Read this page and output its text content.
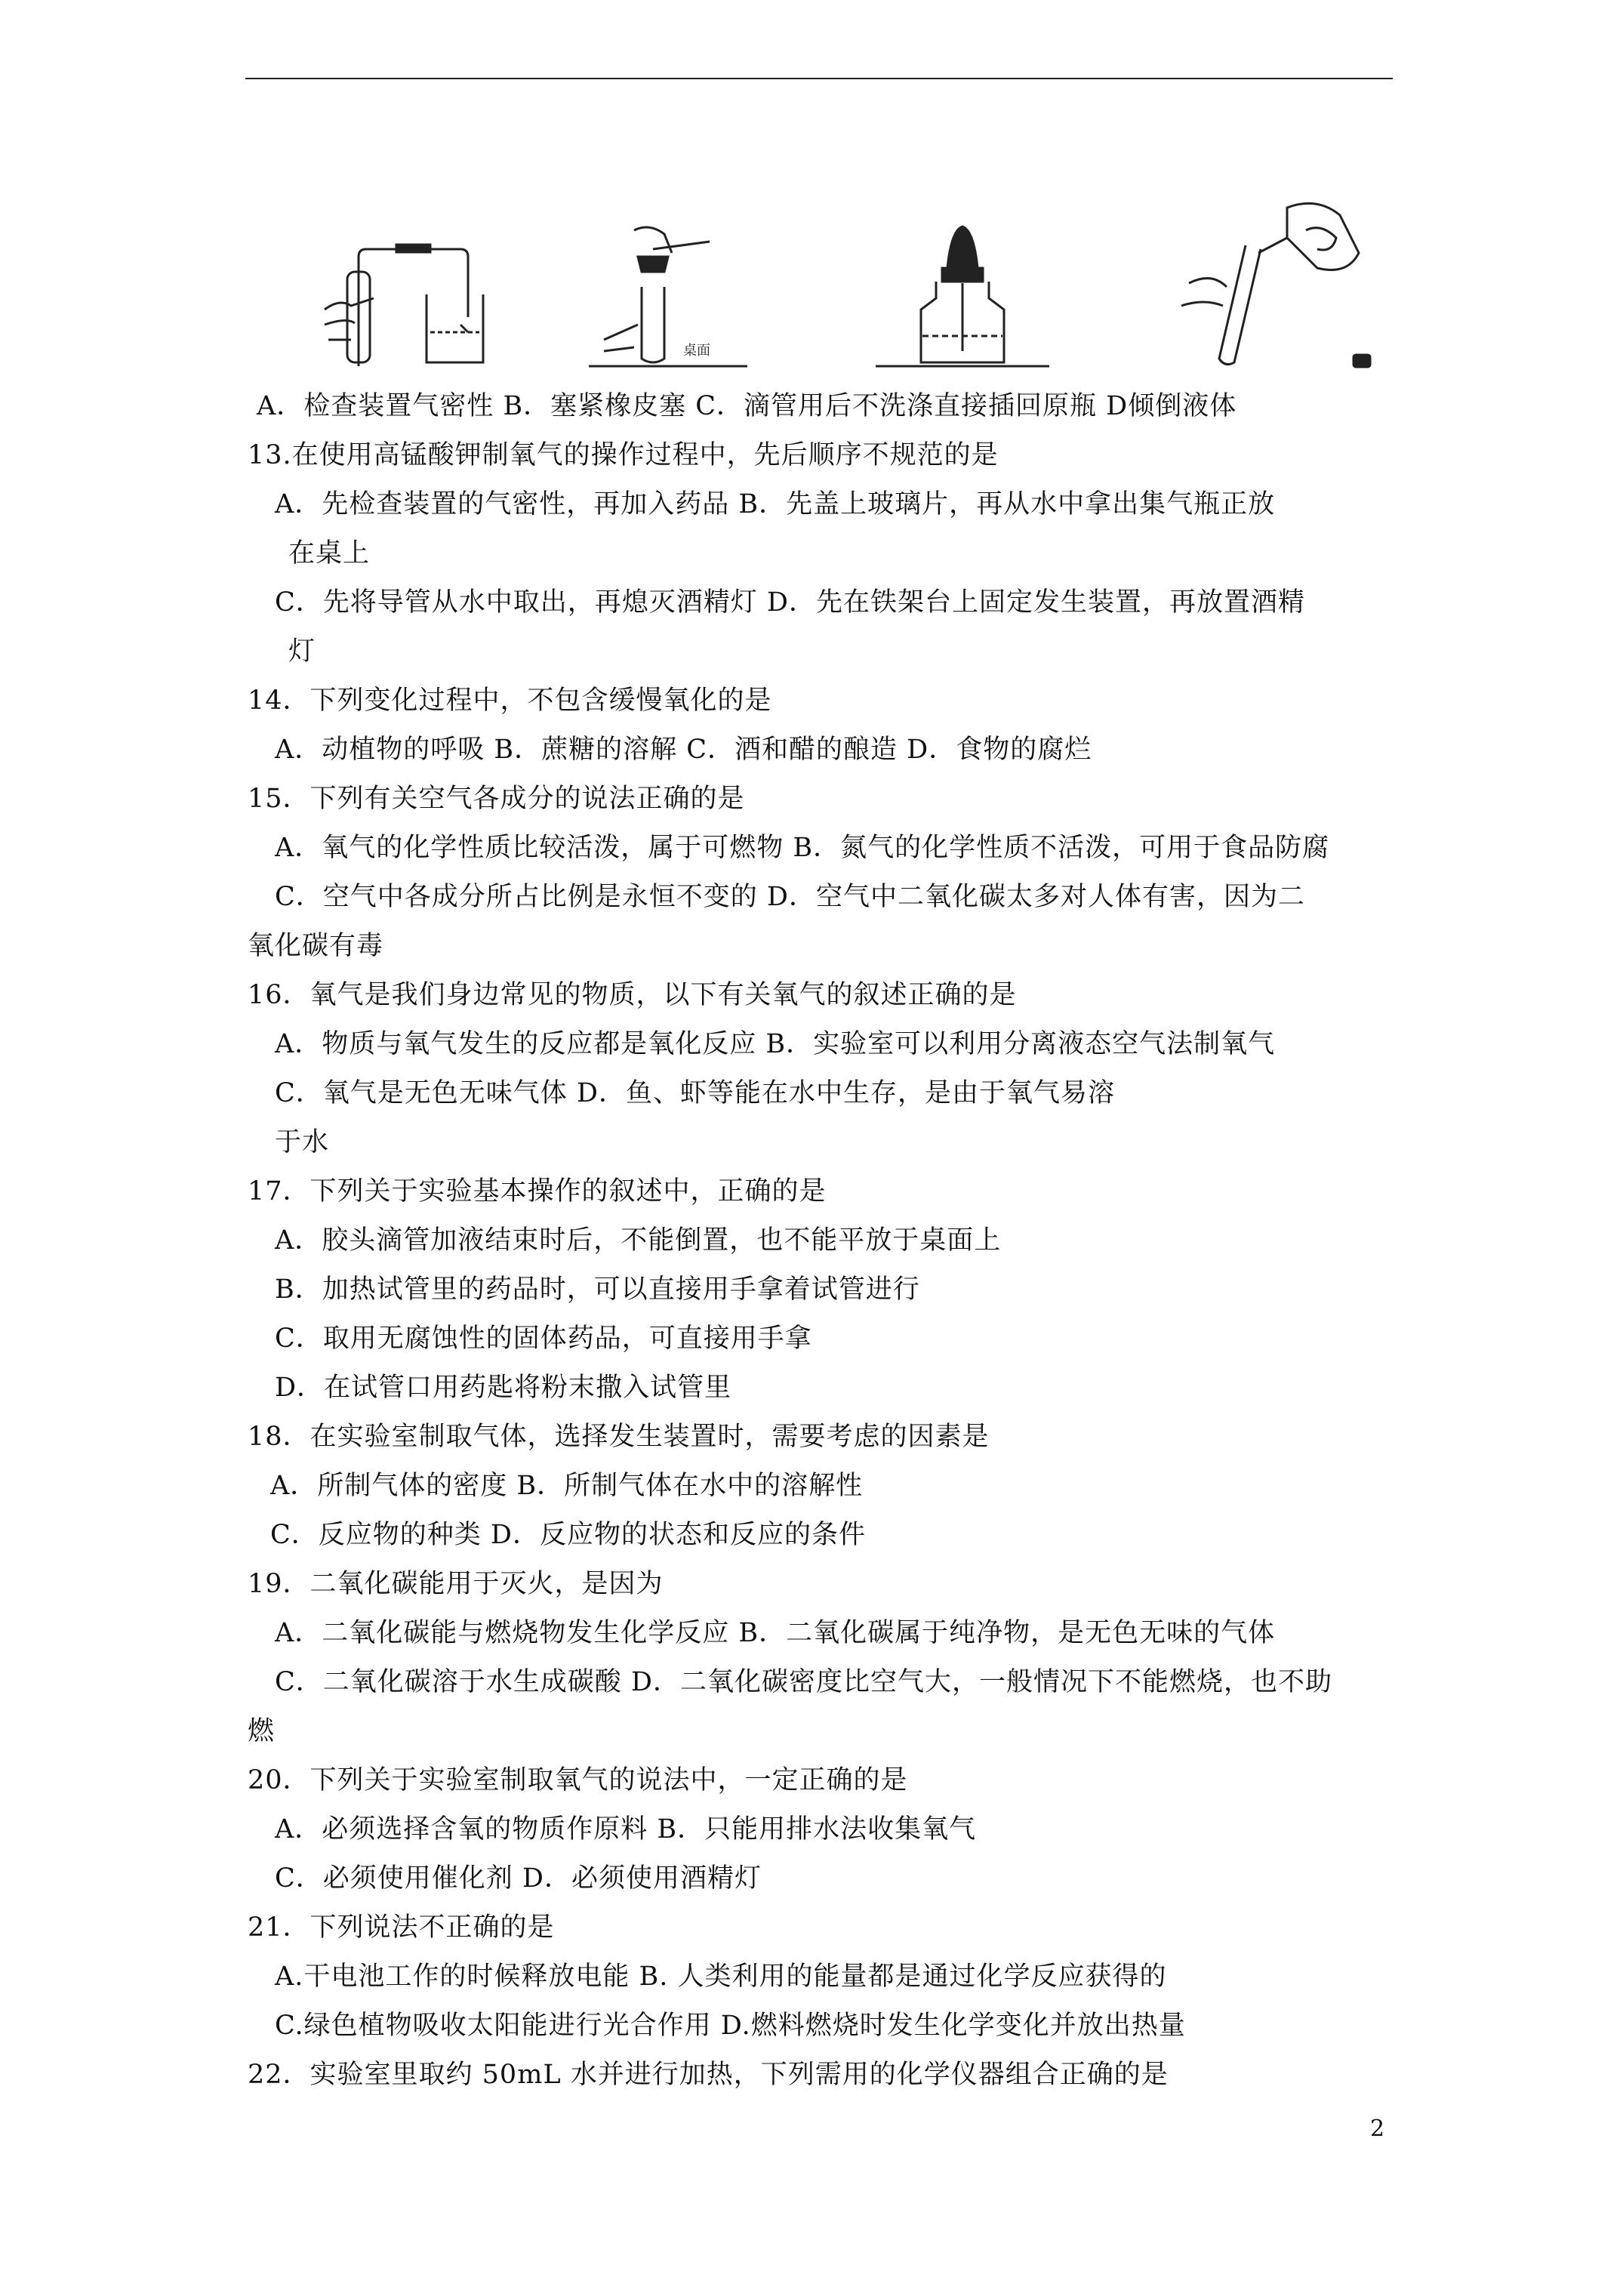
桌面
A．检查装置气密性 B．塞紧橡皮塞 C．滴管用后不洗涤直接插回原瓶 D倾倒液体
13.在使用高锰酸钾制氧气的操作过程中，先后顺序不规范的是
A．先检查装置的气密性，再加入药品 B．先盖上玻璃片，再从水中拿出集气瓶正放
在桌上
C．先将导管从水中取出，再熄灭酒精灯 D．先在铁架台上固定发生装置，再放置酒精
灯
14．下列变化过程中，不包含缓慢氧化的是
A．动植物的呼吸 B．蔗糖的溶解 C．酒和醋的酿造 D．食物的腐烂
15．下列有关空气各成分的说法正确的是
A．氧气的化学性质比较活泼，属于可燃物 B．氮气的化学性质不活泼，可用于食品防腐
C．空气中各成分所占比例是永恒不变的 D．空气中二氧化碳太多对人体有害，因为二
氧化碳有毒
16．氧气是我们身边常见的物质，以下有关氧气的叙述正确的是
A．物质与氧气发生的反应都是氧化反应 B．实验室可以利用分离液态空气法制氧气
C．氧气是无色无味气体 D．鱼、虾等能在水中生存，是由于氧气易溶
于水
17．下列关于实验基本操作的叙述中，正确的是
A．胶头滴管加液结束时后，不能倒置，也不能平放于桌面上
B．加热试管里的药品时，可以直接用手拿着试管进行
C．取用无腐蚀性的固体药品，可直接用手拿
D．在试管口用药匙将粉末撒入试管里
18．在实验室制取气体，选择发生装置时，需要考虑的因素是
A．所制气体的密度 B．所制气体在水中的溶解性
C．反应物的种类 D．反应物的状态和反应的条件
19．二氧化碳能用于灭火，是因为
A．二氧化碳能与燃烧物发生化学反应 B．二氧化碳属于纯净物，是无色无味的气体
C．二氧化碳溶于水生成碳酸 D．二氧化碳密度比空气大，一般情况下不能燃烧，也不助
燃
20．下列关于实验室制取氧气的说法中，一定正确的是
A．必须选择含氧的物质作原料 B．只能用排水法收集氧气
C．必须使用催化剂 D．必须使用酒精灯
21．下列说法不正确的是
A.干电池工作的时候释放电能 B. 人类利用的能量都是通过化学反应获得的
C.绿色植物吸收太阳能进行光合作用 D.燃料燃烧时发生化学变化并放出热量
22．实验室里取约 50mL 水并进行加热，下列需用的化学仪器组合正确的是
2
